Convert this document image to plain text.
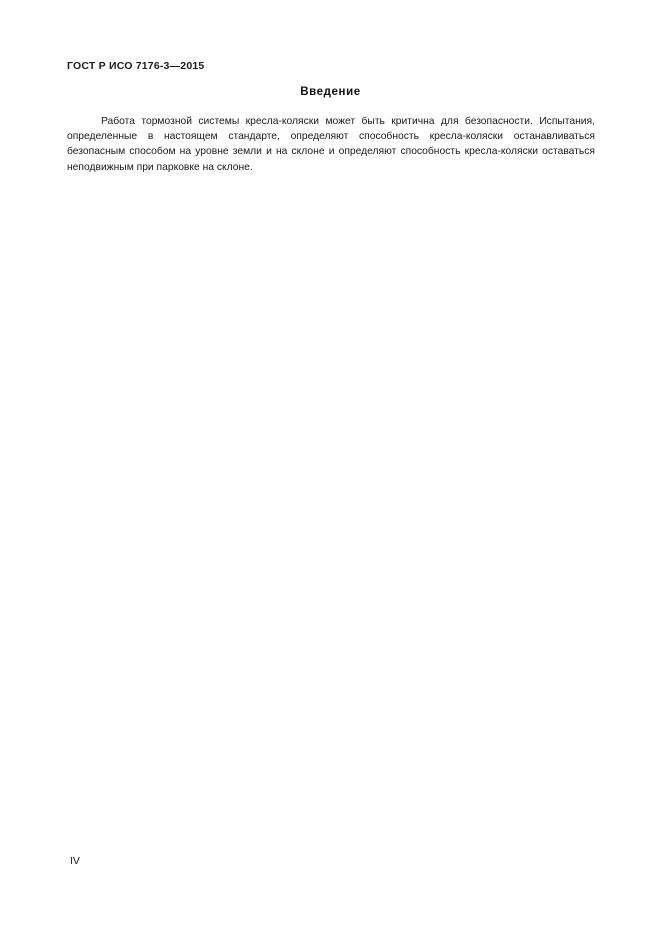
ГОСТ Р ИСО 7176-3—2015
Введение

Работа тормозной системы кресла-коляски может быть критична для безопасности. Испытания, определенные в настоящем стандарте, определяют способность кресла-коляски останавливаться безопасным способом на уровне земли и на склоне и определяют способность кресла-коляски оставаться неподвижным при парковке на склоне.

IV
